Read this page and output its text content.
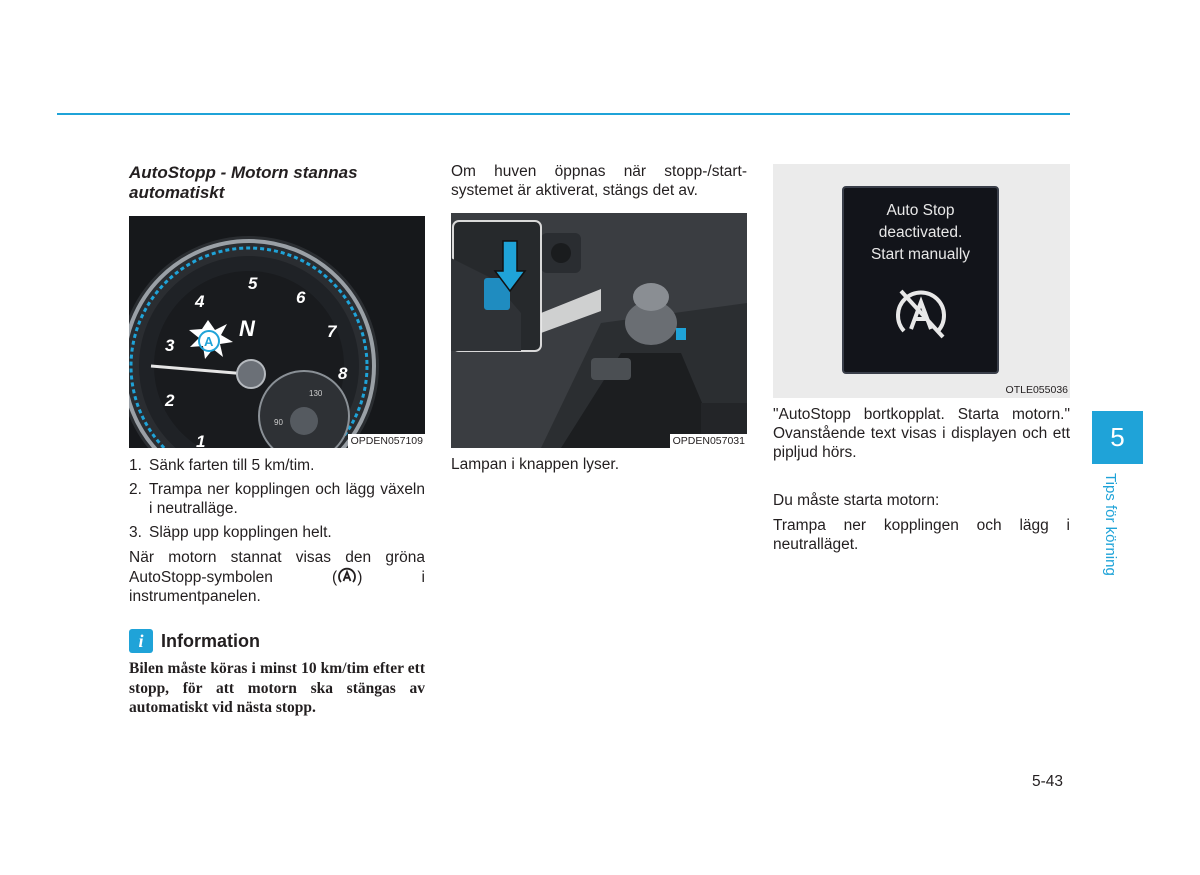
AutoStopp - Motorn stannas automatiskt
A
N
1
2
3
4
5
6
7
8
90
130
OPDEN057109
1. Sänk farten till 5 km/tim.
2. Trampa ner kopplingen och lägg växeln i neutralläge.
3. Släpp upp kopplingen helt.
När motorn stannat visas den gröna AutoStopp-symbolen ( ) i instrumentpanelen.
i Information
Bilen måste köras i minst 10 km/tim efter ett stopp, för att motorn ska stängas av automatiskt vid nästa stopp.
Om huven öppnas när stopp-/start-systemet är aktiverat, stängs det av.
OPDEN057031
Lampan i knappen lyser.
Auto Stop
deactivated.
Start manually
OTLE055036
"AutoStopp bortkopplat. Starta motorn." Ovanstående text visas i displayen och ett pipljud hörs.
Du måste starta motorn:
Trampa ner kopplingen och lägg i neutralläget.
5
Tips för körning
5-43
